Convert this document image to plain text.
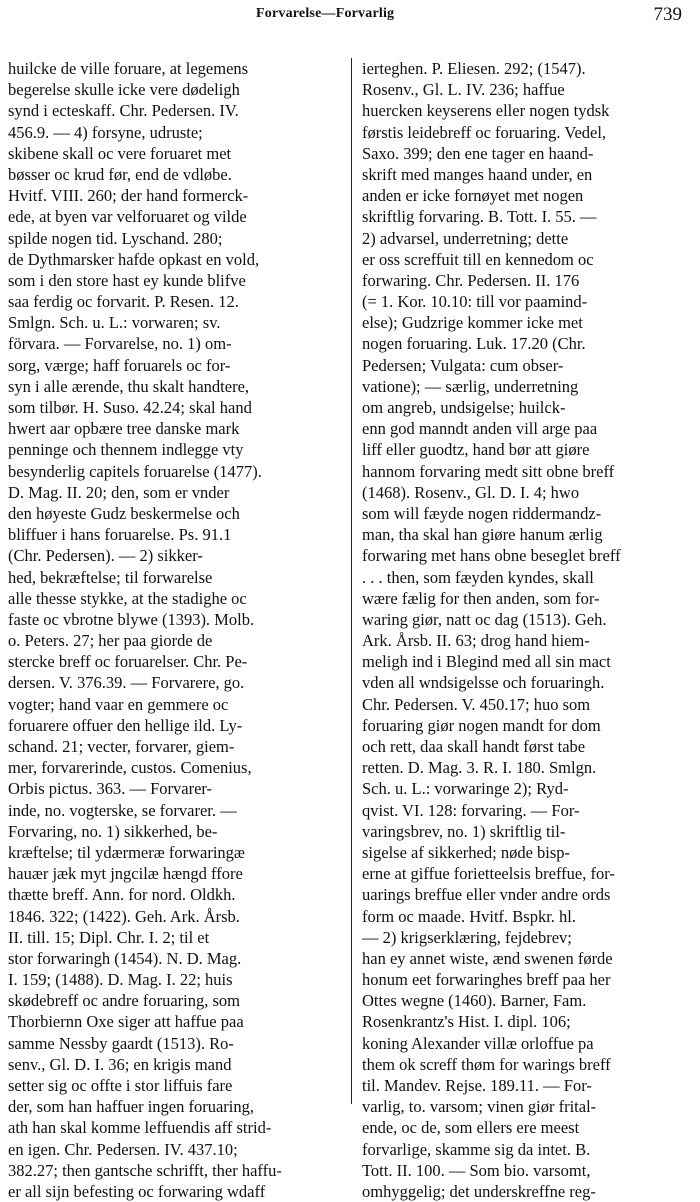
Forvarelse—Forvarlig	739
huilcke de ville foruare, at legemens
begerelse skulle icke vere dødeligh
synd i ecteskaff. Chr. Pedersen. IV.
456.9. — 4) forsyne, udruste;
skibene skall oc vere foruaret met
bøsser oc krud før, end de vdløbe.
Hvitf. VIII. 260; der hand formerck-
ede, at byen var velforuaret og vilde
spilde nogen tid. Lyschand. 280;
de Dythmarsker hafde opkast en vold,
som i den store hast ey kunde blifve
saa ferdig oc forvarit. P. Resen. 12.
Smlgn. Sch. u. L.: vorwaren; sv.
förvara. — Forvarelse, no. 1) om-
sorg, værge; haff foruarels oc for-
syn i alle ærende, thu skalt handtere,
som tilbør. H. Suso. 42.24; skal hand
hwert aar opbære tree danske mark
penninge och thennem indlegge vty
besynderlig capitels foruarelse (1477).
D. Mag. II. 20; den, som er vnder
den høyeste Gudz beskermelse och
bliffuer i hans foruarelse. Ps. 91.1
(Chr. Pedersen). — 2) sikker-
hed, bekræftelse; til forwarelse
alle thesse stykke, at the stadighe oc
faste oc vbrotne blywe (1393). Molb.
o. Peters. 27; her paa giorde de
stercke breff oc foruarelser. Chr. Pe-
dersen. V. 376.39. — Forvarere, go.
vogter; hand vaar en gemmere oc
foruarere offuer den hellige ild. Ly-
schand. 21; vecter, forvarer, giem-
mer, forvarerinde, custos. Comenius,
Orbis pictus. 363. — Forvarer-
inde, no. vogterske, se forvarer. —
Forvaring, no. 1) sikkerhed, be-
kræftelse; til ydærmeræ forwaringæ
hauær jæk myt jngcilæ hængd ffore
thætte breff. Ann. for nord. Oldkh.
1846. 322; (1422). Geh. Ark. Årsb.
II. till. 15; Dipl. Chr. I. 2; til et
stor forwaringh (1454). N. D. Mag.
I. 159; (1488). D. Mag. I. 22; huis
skødebreff oc andre foruaring, som
Thorbiernn Oxe siger att haffue paa
samme Nessby gaardt (1513). Ro-
senv., Gl. D. I. 36; en krigis mand
setter sig oc offte i stor liffuis fare
der, som han haffuer ingen foruaring,
ath han skal komme leffuendis aff strid-
en igen. Chr. Pedersen. IV. 437.10;
382.27; then gantsche schrifft, ther haffu-
er all sijn befesting oc forwaring wdaff
ierteghen. P. Eliesen. 292; (1547).
Rosenv., Gl. L. IV. 236; haffue
huercken keyserens eller nogen tydsk
førstis leidebreff oc foruaring. Vedel,
Saxo. 399; den ene tager en haand-
skrift med manges haand under, en
anden er icke fornøyet met nogen
skriftlig forvaring. B. Tott. I. 55. —
2) advarsel, underretning; dette
er oss screffuit till en kennedom oc
forwaring. Chr. Pedersen. II. 176
(= 1. Kor. 10.10: till vor paamind-
else); Gudzrige kommer icke met
nogen foruaring. Luk. 17.20 (Chr.
Pedersen; Vulgata: cum obser-
vatione); — særlig, underretning
om angreb, undsigelse; huilck-
enn god manndt anden vill arge paa
liff eller guodtz, hand bør att giøre
hannom forvaring medt sitt obne breff
(1468). Rosenv., Gl. D. I. 4; hwo
som will fæyde nogen riddermandz-
man, tha skal han giøre hanum ærlig
forwaring met hans obne beseglet breff
. . . then, som fæyden kyndes, skall
wære fælig for then anden, som for-
waring giør, natt oc dag (1513). Geh.
Ark. Årsb. II. 63; drog hand hiem-
meligh ind i Blegind med all sin mact
vden all wndsigelsse och foruaringh.
Chr. Pedersen. V. 450.17; huo som
foruaring giør nogen mandt for dom
och rett, daa skall handt først tabe
retten. D. Mag. 3. R. I. 180. Smlgn.
Sch. u. L.: vorwaringe 2); Ryd-
qvist. VI. 128: forvaring. — For-
varingsbrev, no. 1) skriftlig til-
sigelse af sikkerhed; nøde bisp-
erne at giffue forietteelsis breffue, for-
uarings breffue eller vnder andre ords
form oc maade. Hvitf. Bspkr. hl.
— 2) krigserklæring, fejdebrev;
han ey annet wiste, ænd swenen førde
honum eet forwaringhes breff paa her
Ottes wegne (1460). Barner, Fam.
Rosenkrantz's Hist. I. dipl. 106;
koning Alexander villæ orloffue pa
them ok screff thøm for warings breff
til. Mandev. Rejse. 189.11. — For-
varlig, to. varsom; vinen giør frital-
ende, oc de, som ellers ere meest
forvarlige, skamme sig da intet. B.
Tott. II. 100. — Som bio. varsomt,
omhyggelig; det underskreffne reg-
